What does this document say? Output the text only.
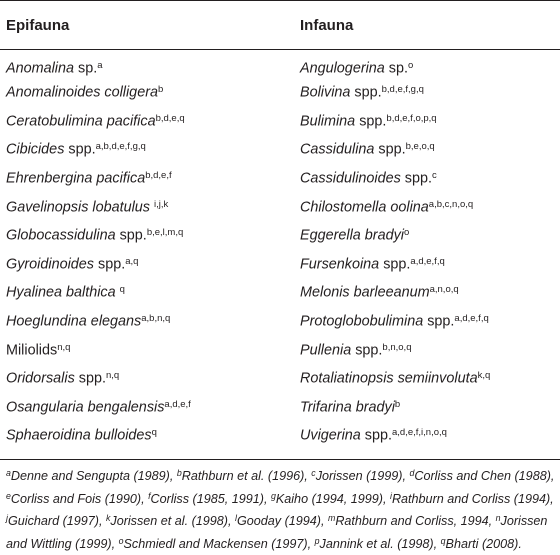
Epifauna	Infauna
Anomalina sp.$^a$	Angulogerina sp.$^o$
Anomalinoides colligera$^b$	Bolivina spp.$^{b,d,e,f,g,q}$
Ceratobulimina pacifica$^{b,d,e,q}$	Bulimina spp.$^{b,d,e,f,o,p,q}$
Cibicides spp.$^{a,b,d,e,f,g,q}$	Cassidulina spp.$^{b,e,o,q}$
Ehrenbergina pacifica$^{b,d,e,f}$	Cassidulinoides spp.$^c$
Gavelinopsis lobatulus $^{i,j,k}$	Chilostomella oolina$^{a,b,c,n,o,q}$
Globocassidulina spp.$^{b,e,l,m,q}$	Eggerella bradyi$^o$
Gyroidinoides spp.$^{a,q}$	Fursenkoina spp.$^{a,d,e,f,q}$
Hyalinea balthica $^q$	Melonis barleeanum$^{a,n,o,q}$
Hoeglundina elegans$^{a,b,n,q}$	Protoglobobulimina spp.$^{a,d,e,f,q}$
Miliolids$^{n,q}$	Pullenia spp.$^{b,n,o,q}$
Oridorsalis spp.$^{n,q}$	Rotaliatinopsis semiinvoluta$^{k,q}$
Osangularia bengalensis$^{a,d,e,f}$	Trifarina bradyi$^b$
Sphaeroidina bulloides$^q$	Uvigerina spp.$^{a,d,e,f,i,n,o,q}$
$^a$Denne and Sengupta (1989), $^b$Rathburn et al. (1996), $^c$Jorissen (1999), $^d$Corliss and Chen (1988), $^e$Corliss and Fois (1990), $^f$Corliss (1985, 1991), $^g$Kaiho (1994, 1999), $^i$Rathburn and Corliss (1994), $^j$Guichard (1997), $^k$Jorissen et al. (1998), $^l$Gooday (1994), $^m$Rathburn and Corliss, 1994, $^n$Jorissen and Wittling (1999), $^o$Schmiedl and Mackensen (1997), $^p$Jannink et al. (1998), $^q$Bharti (2008).
